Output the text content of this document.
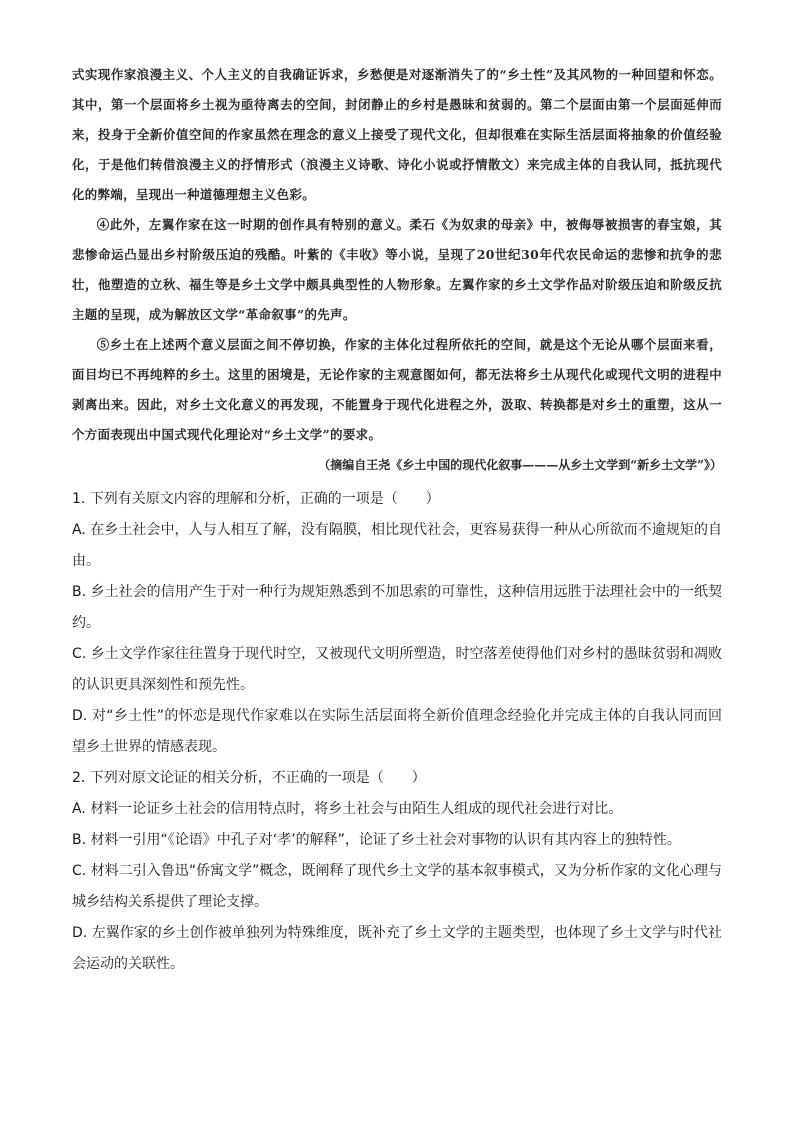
式实现作家浪漫主义、个人主义的自我确证诉求，乡愁便是对逐渐消失了的“乡土性”及其风物的一种回望和怀恋。其中，第一个层面将乡土视为亟待离去的空间，封闭静止的乡村是愚昧和贫弱的。第二个层面由第一个层面延伸而来，投身于全新价值空间的作家虽然在理念的意义上接受了现代文化，但却很难在实际生活层面将抽象的价值经验化，于是他们转借浪漫主义的抒情形式（浪漫主义诗歌、诗化小说或抒情散文）来完成主体的自我认同，抵抗现代化的弊端，呈现出一种道德理想主义色彩。

④此外，左翼作家在这一时期的创作具有特别的意义。柔石《为奴隶的母亲》中，被侮辱被损害的春宝娘，其悲惨命运凸显出乡村阶级压迫的残酷。叶紫的《丰收》等小说，呈现了20世纪30年代农民命运的悲惨和抗争的悲壮，他塑造的立秋、福生等是乡土文学中颇具典型性的人物形象。左翼作家的乡土文学作品对阶级压迫和阶级反抗主题的呈现，成为解放区文学“革命叙事”的先声。

⑤乡土在上述两个意义层面之间不停切换，作家的主体化过程所依托的空间，就是这个无论从哪个层面来看，面目均已不再纯粹的乡土。这里的困境是，无论作家的主观意图如何，都无法将乡土从现代化或现代文明的进程中剥离出来。因此，对乡土文化意义的再发现，不能置身于现代化进程之外，汲取、转换都是对乡土的重塑，这从一个方面表现出中国式现代化理论对“乡土文学”的要求。

（摘编自王尧《乡土中国的现代化叙事———从乡土文学到“新乡土文学”》）

1. 下列有关原文内容的理解和分析，正确的一项是（　　）

A. 在乡土社会中，人与人相互了解，没有隔膜，相比现代社会，更容易获得一种从心所欲而不逾规矩的自由。

B. 乡土社会的信用产生于对一种行为规矩熟悉到不加思索的可靠性，这种信用远胜于法理社会中的一纸契约。

C. 乡土文学作家往往置身于现代时空，又被现代文明所塑造，时空落差使得他们对乡村的愚昧贫弱和凋败的认识更具深刻性和预先性。

D. 对“乡土性”的怀恋是现代作家难以在实际生活层面将全新价值理念经验化并完成主体的自我认同而回望乡土世界的情感表现。

2. 下列对原文论证的相关分析，不正确的一项是（　　）

A. 材料一论证乡土社会的信用特点时，将乡土社会与由陌生人组成的现代社会进行对比。

B. 材料一引用“《论语》中孔子对‘孝’的解释”，论证了乡土社会对事物的认识有其内容上的独特性。

C. 材料二引入鲁迅“侨寓文学”概念，既阐释了现代乡土文学的基本叙事模式，又为分析作家的文化心理与城乡结构关系提供了理论支撑。

D. 左翼作家的乡土创作被单独列为特殊维度，既补充了乡土文学的主题类型，也体现了乡土文学与时代社会运动的关联性。
